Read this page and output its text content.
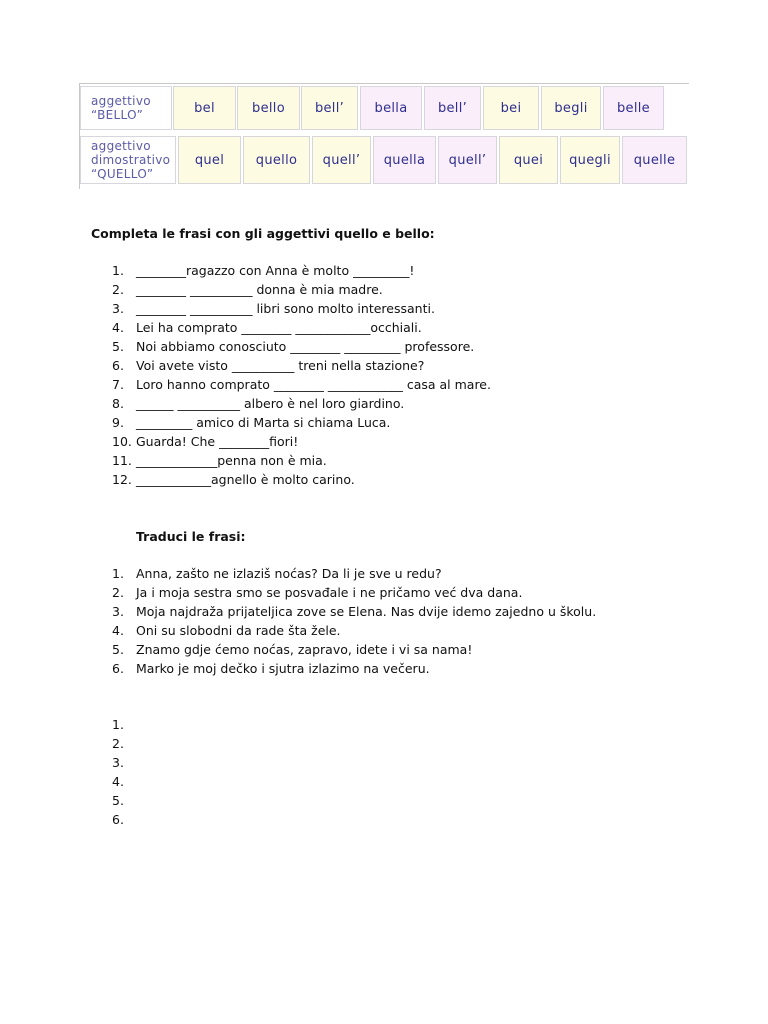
aggettivo
“BELLO”	bel	bello	bell’	bella	bell’	bei	begli	belle
aggettivo
dimostrativo
“QUELLO”
quel	quello	quell’	quella	quell’	quei	quegli	quelle
Completa le frasi con gli aggettivi quello e bello:
1. ________ragazzo con Anna è molto _________!
2. ________ __________ donna è mia madre.
3. ________ __________ libri sono molto interessanti.
4. Lei ha comprato ________ ____________occhiali.
5. Noi abbiamo conosciuto ________ _________ professore.
6. Voi avete visto __________ treni nella stazione?
7. Loro hanno comprato ________ ____________ casa al mare.
8. ______ __________ albero è nel loro giardino.
9. _________ amico di Marta si chiama Luca.
10. Guarda! Che ________fiori!
11. _____________penna non è mia.
12. ____________agnello è molto carino.
Traduci le frasi:
1. Anna, zašto ne izlaziš noćas? Da li je sve u redu?
2. Ja i moja sestra smo se posvađale i ne pričamo već dva dana.
3. Moja najdraža prijateljica zove se Elena. Nas dvije idemo zajedno u školu.
4. Oni su slobodni da rade šta žele.
5. Znamo gdje ćemo noćas, zapravo, idete i vi sa nama!
6. Marko je moj dečko i sjutra izlazimo na večeru.
1.
2.
3.
4.
5.
6.
